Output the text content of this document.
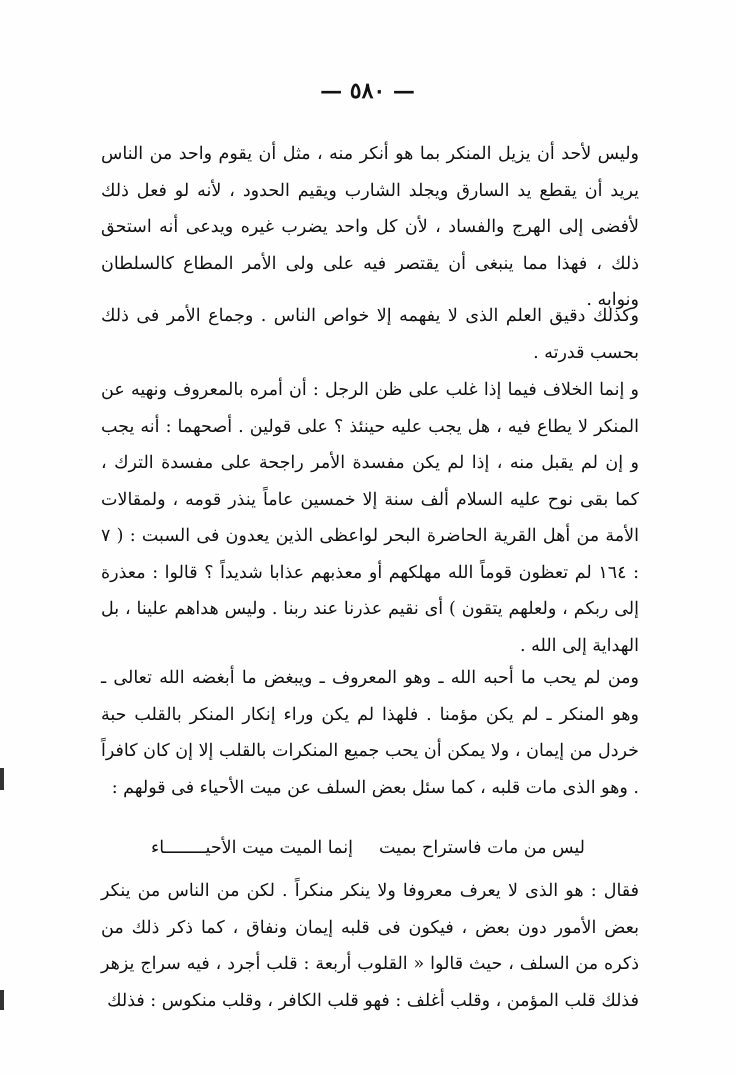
— ٥٨٠ —

وليس لأحد أن يزيل المنكر بما هو أنكر منه ، مثل أن يقوم واحد من الناس يريد أن يقطع يد السارق ويجلد الشارب ويقيم الحدود ، لأنه لو فعل ذلك لأفضى إلى الهرج والفساد ، لأن كل واحد يضرب غيره ويدعى أنه استحق ذلك ، فهذا مما ينبغى أن يقتصر فيه على ولى الأمر المطاع كالسلطان ونوابه .

وكذلك دقيق العلم الذى لا يفهمه إلا خواص الناس . وجماع الأمر فى ذلك بحسب قدرته .

و إنما الخلاف فيما إذا غلب على ظن الرجل : أن أمره بالمعروف ونهيه عن المنكر لا يطاع فيه ، هل يجب عليه حينئذ ؟ على قولين . أصحهما : أنه يجب و إن لم يقبل منه ، إذا لم يكن مفسدة الأمر راجحة على مفسدة الترك ، كما بقى نوح عليه السلام ألف سنة إلا خمسين عاماً ينذر قومه ، ولمقالات الأمة من أهل القرية الحاضرة البحر لواعظى الذين يعدون فى السبت : ( ٧ : ١٦٤ لم تعظون قوماً الله مهلكهم أو معذبهم عذابا شديداً ؟ قالوا : معذرة إلى ربكم ، ولعلهم يتقون ) أى نقيم عذرنا عند ربنا . وليس هداهم علينا ، بل الهداية إلى الله .

ومن لم يحب ما أحبه الله ـ وهو المعروف ـ ويبغض ما أبغضه الله تعالى ـ وهو المنكر ـ لم يكن مؤمنا . فلهذا لم يكن وراء إنكار المنكر بالقلب حبة خردل من إيمان ، ولا يمكن أن يحب جميع المنكرات بالقلب إلا إن كان كافراً . وهو الذى مات قلبه ، كما سئل بعض السلف عن ميت الأحياء فى قولهم :

ليس من مات فاستراح بميت
إنما الميت ميت الأحيــــــــاء

فقال : هو الذى لا يعرف معروفا ولا ينكر منكراً . لكن من الناس من ينكر بعض الأمور دون بعض ، فيكون فى قلبه إيمان ونفاق ، كما ذكر ذلك من ذكره من السلف ، حيث قالوا « القلوب أربعة : قلب أجرد ، فيه سراج يزهر فذلك قلب المؤمن ، وقلب أغلف : فهو قلب الكافر ، وقلب منكوس : فذلك
